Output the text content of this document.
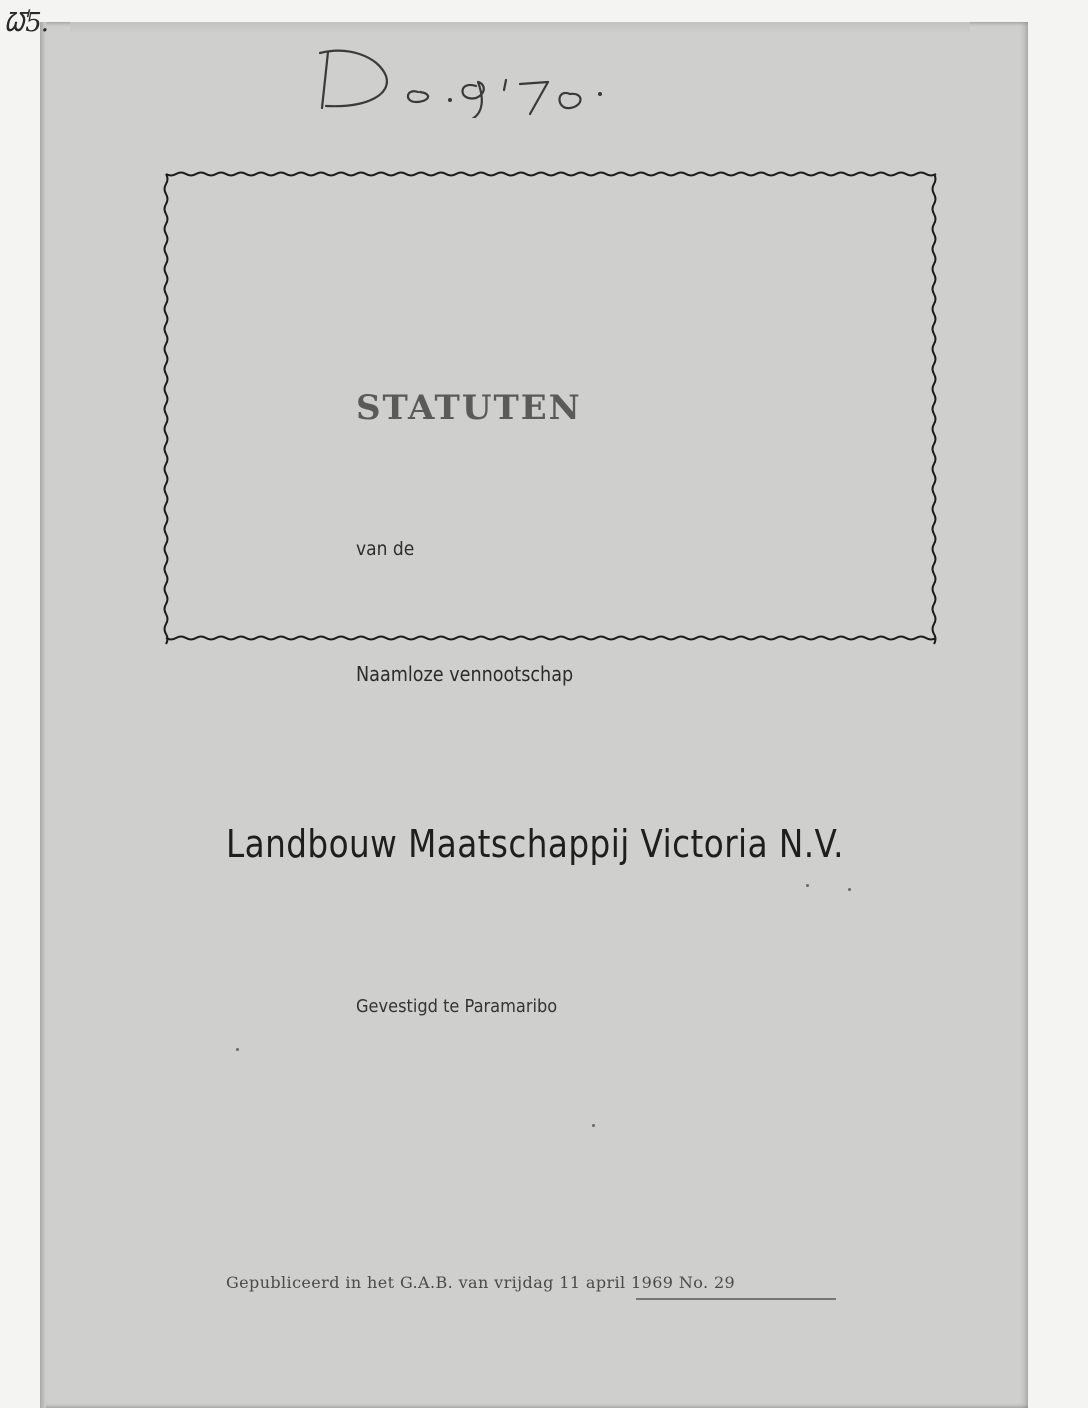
ᘺ5.
STATUTEN
van de
Naamloze vennootschap
Landbouw Maatschappij Victoria N.V.
Gevestigd te Paramaribo
Gepubliceerd in het G.A.B. van vrijdag 11 april 1969 No. 29
